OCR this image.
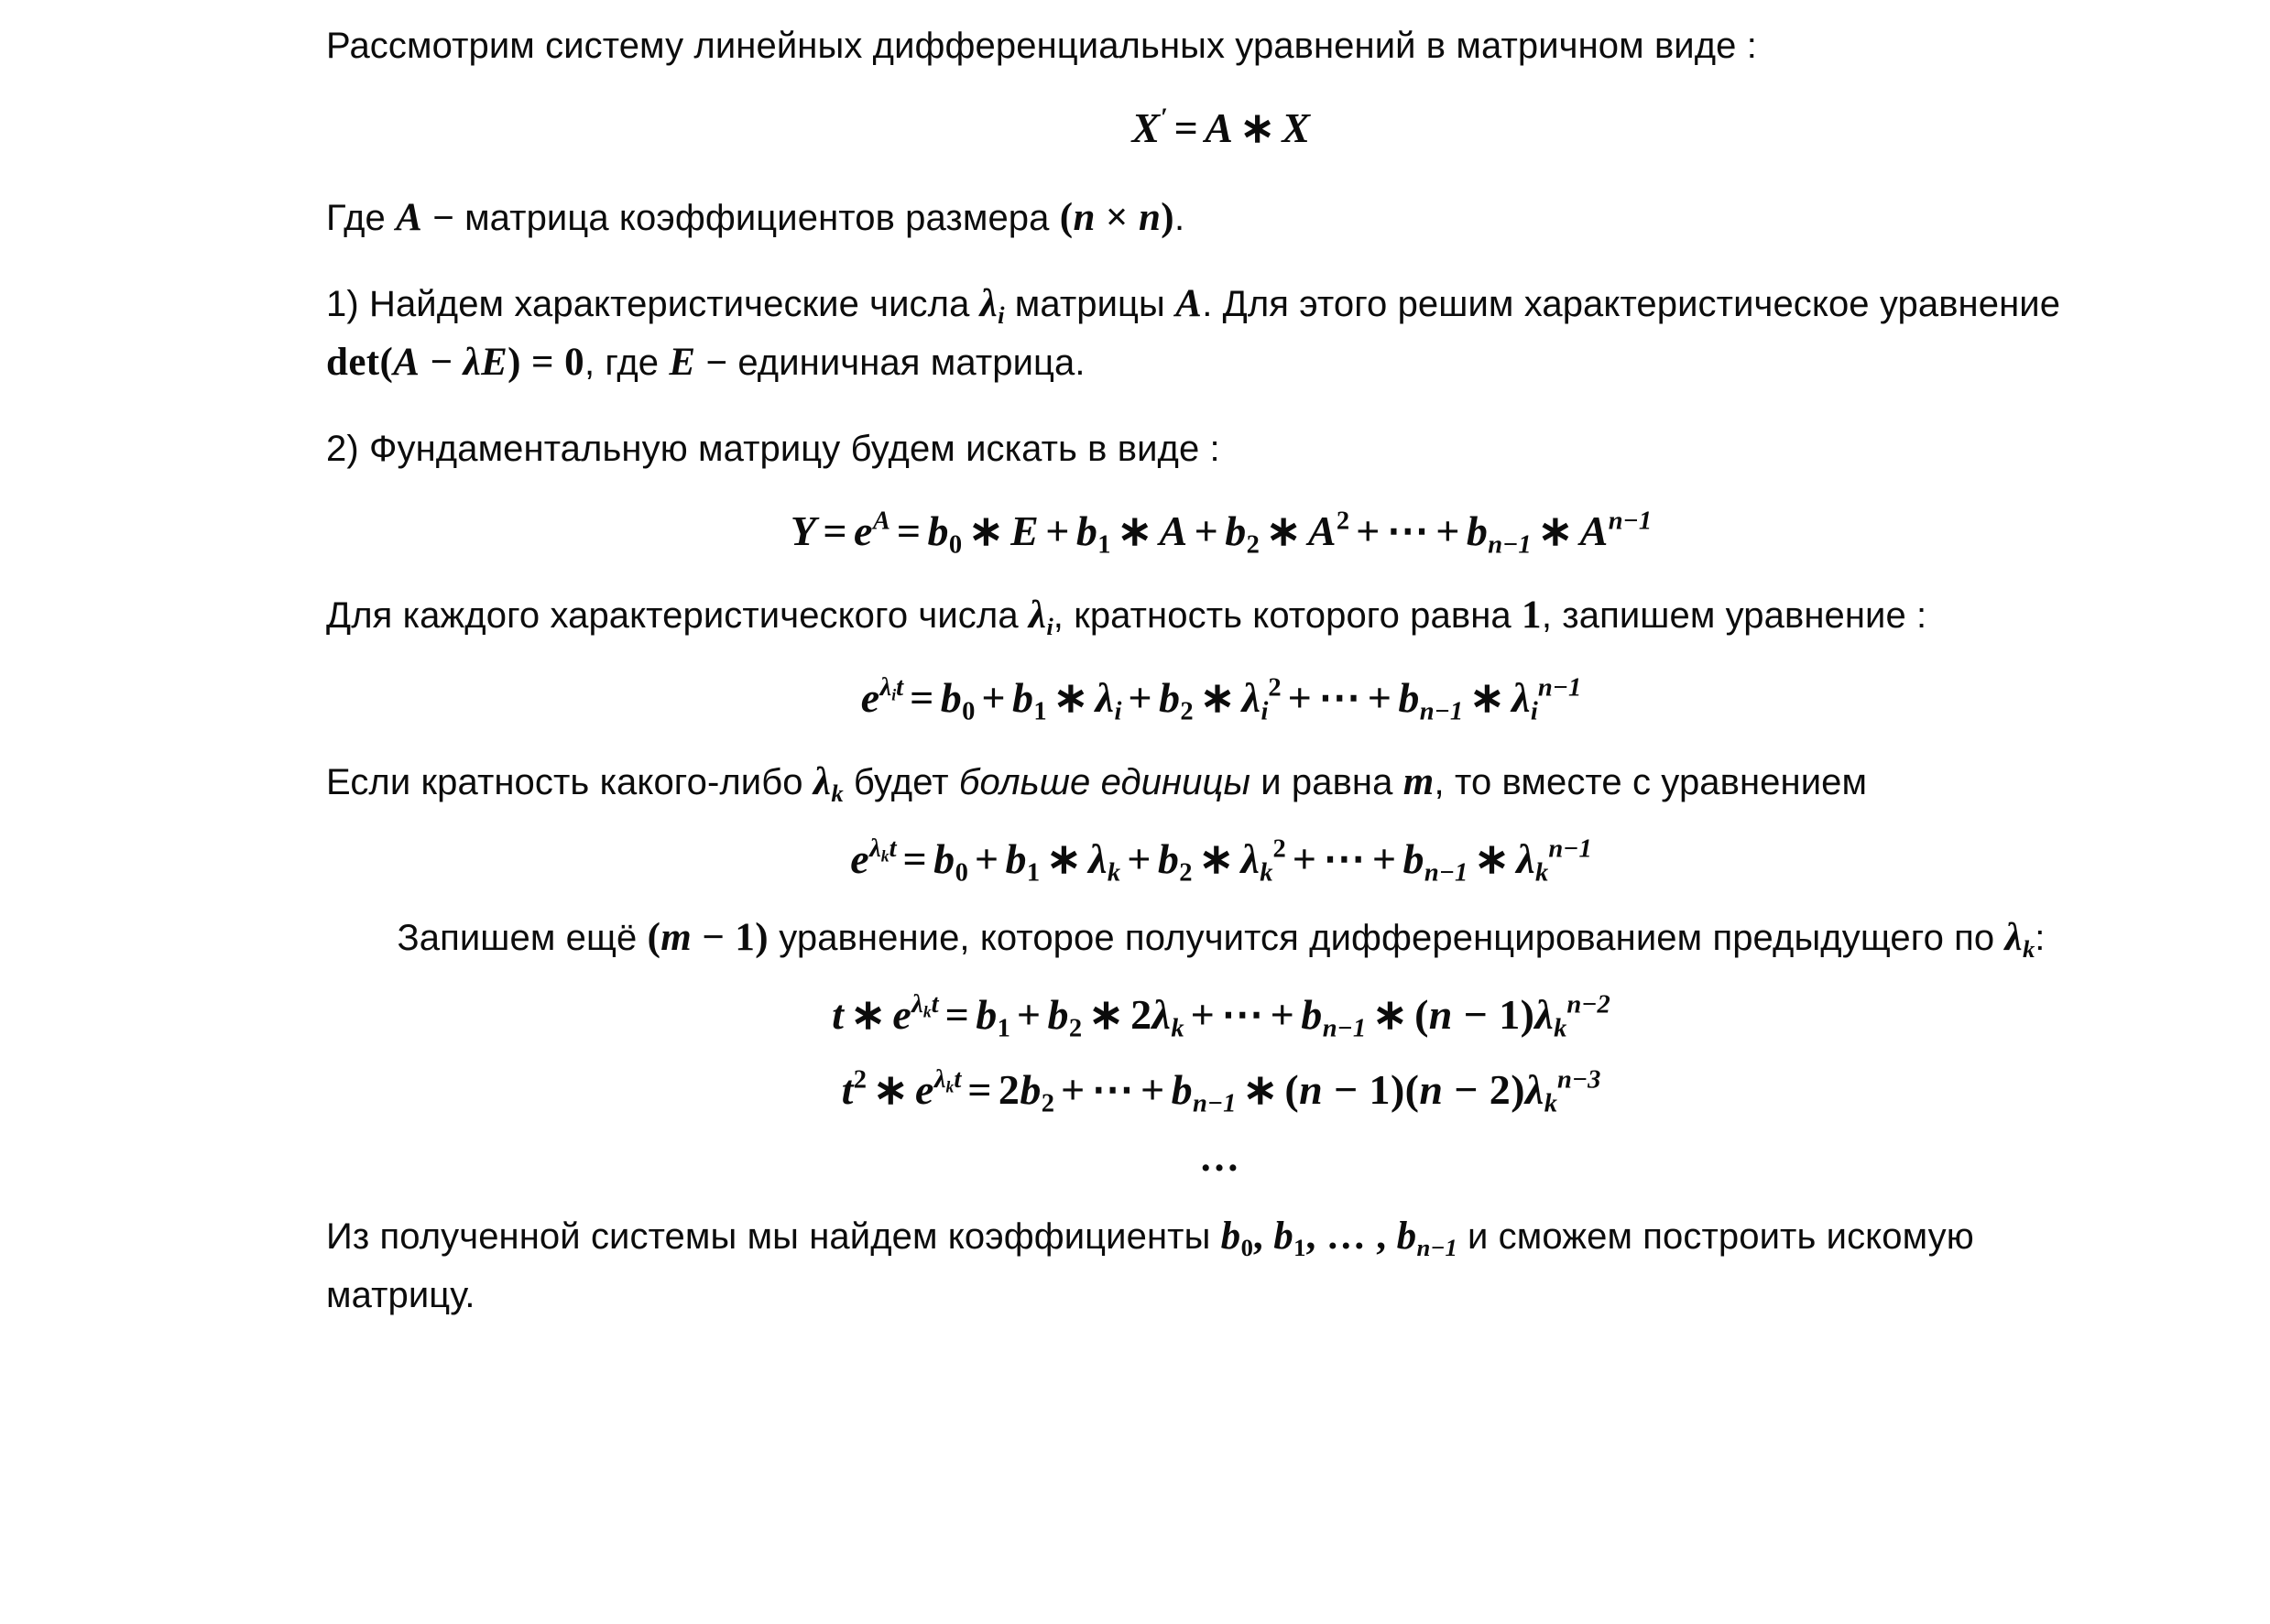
Рассмотрим систему линейных дифференциальных уравнений в матричном виде :

X′ = A ∗ X

Где A − матрица коэффициентов размера (n × n).

1) Найдем характеристические числа $\lambda_i$ матрицы A. Для этого решим характеристическое уравнение det(A − λE) = 0, где E − единичная матрица.

2) Фундаментальную матрицу будем искать в виде :

$Y = e^A = b_0$ ∗ $E + b_1$ ∗ $A + b_2$ ∗ $A^2$ + ⋯ + $b_{n-1}$ ∗ $A^{n-1}$

Для каждого характеристического числа $\lambda_i$, кратность которого равна 1, запишем уравнение :

$e^{\lambda_it} = b_0 + b_1$ ∗ $\lambda_i + b_2$ ∗ $\lambda_i^2$ + ⋯ + $b_{n-1}$ ∗ $\lambda_i^{n-1}$

Если кратность какого-либо $\lambda_k$ будет больше единицы и равна m, то вместе с уравнением

$e^{\lambda_kt} = b_0 + b_1$ ∗ $\lambda_k + b_2$ ∗ $\lambda_k^2$ + ⋯ + $b_{n-1}$ ∗ $\lambda_k^{n-1}$

Запишем ещё (m − 1) уравнение, которое получится дифференцированием предыдущего по $\lambda_k$:

t ∗ $e^{\lambda_kt} = b_1 + b_2$ ∗ $2\lambda_k$ + ⋯ + $b_{n-1}$ ∗ $(n - 1)\lambda_k^{n-2}$
$t^2$ ∗ $e^{\lambda_kt} = 2b_2$ + ⋯ + $b_{n-1}$ ∗ $(n - 1)(n - 2)\lambda_k^{n-3}$
…

Из полученной системы мы найдем коэффициенты $b_0$, $b_1$, … , $b_{n-1}$ и сможем построить искомую матрицу.
